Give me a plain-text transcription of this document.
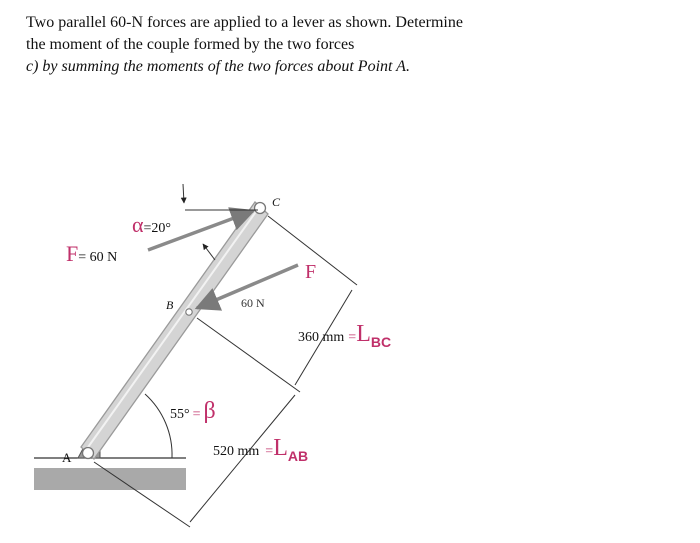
Two parallel 60-N forces are applied to a lever as shown. Determine
the moment of the couple formed by the two forces
c) by summing the moments of the two forces about Point A.
α=20°
F= 60 N
F
60 N
A
B
C
360 mm =LBC
520 mm =LAB
55° = β
